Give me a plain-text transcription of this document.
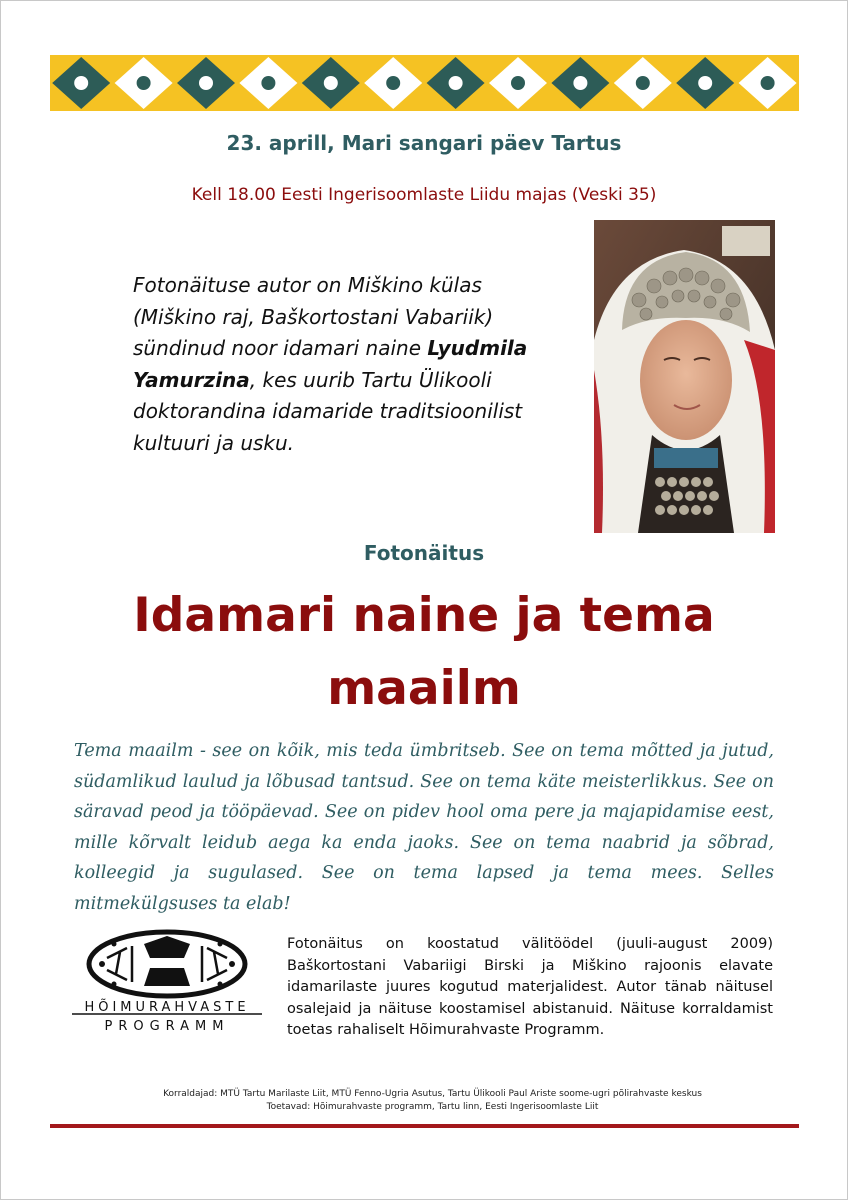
23. aprill, Mari sangari päev Tartus
Kell 18.00 Eesti Ingerisoomlaste Liidu majas (Veski 35)
Fotonäituse autor on Miškino külas (Miškino raj, Baškortostani Vabariik) sündinud noor idamari naine Lyudmila Yamurzina, kes uurib Tartu Ülikooli doktorandina idamaride traditsioonilist kultuuri ja usku.
Fotonäitus
Idamari naine ja tema maailm
Tema maailm - see on kõik, mis teda ümbritseb. See on tema mõtted ja jutud, südamlikud laulud ja lõbusad tantsud. See on tema käte meisterlikkus. See on säravad peod ja tööpäevad. See on pidev hool oma pere ja majapidamise eest, mille kõrvalt leidub aega ka enda jaoks. See on tema naabrid ja sõbrad, kolleegid ja sugulased. See on tema lapsed ja tema mees. Selles mitmekülgsuses ta elab!
HÕIMURAHVASTE
PROGRAMM
Fotonäitus on koostatud välitöödel (juuli-august 2009) Baškortostani Vabariigi Birski ja Miškino rajoonis elavate idamarilaste juures kogutud materjalidest. Autor tänab näitusel osalejaid ja näituse koostamisel abistanuid. Näituse korraldamist toetas rahaliselt Hõimurahvaste Programm.
Korraldajad: MTÜ Tartu Marilaste Liit, MTÜ Fenno-Ugria Asutus, Tartu Ülikooli Paul Ariste soome-ugri põlirahvaste keskus
Toetavad: Hõimurahvaste programm, Tartu linn, Eesti Ingerisoomlaste Liit
